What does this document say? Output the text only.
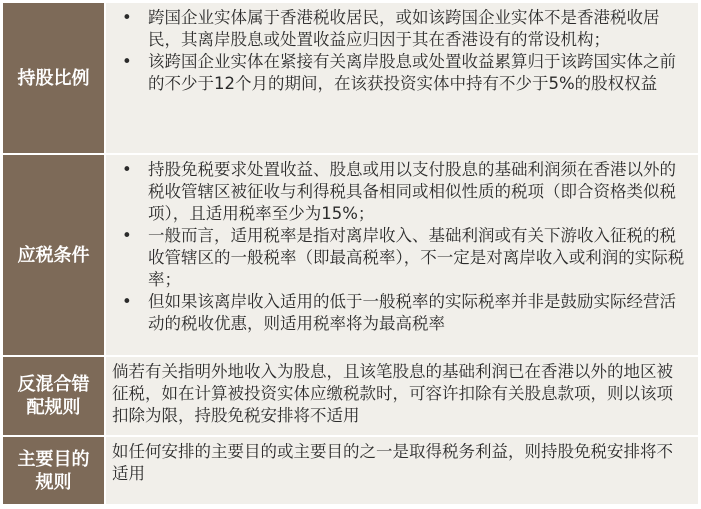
持股比例
• 跨国企业实体属于香港税收居民，或如该跨国企业实体不是香港税收居民，其离岸股息或处置收益应归因于其在香港设有的常设机构；
• 该跨国企业实体在紧接有关离岸股息或处置收益累算归于该跨国实体之前的不少于12个月的期间，在该获投资实体中持有不少于5%的股权权益
应税条件
• 持股免税要求处置收益、股息或用以支付股息的基础利润须在香港以外的税收管辖区被征收与利得税具备相同或相似性质的税项（即合资格类似税项），且适用税率至少为15%；
• 一般而言，适用税率是指对离岸收入、基础利润或有关下游收入征税的税收管辖区的一般税率（即最高税率），不一定是对离岸收入或利润的实际税率；
• 但如果该离岸收入适用的低于一般税率的实际税率并非是鼓励实际经营活动的税收优惠，则适用税率将为最高税率
反混合错
配规则
倘若有关指明外地收入为股息，且该笔股息的基础利润已在香港以外的地区被征税，如在计算被投资实体应缴税款时，可容许扣除有关股息款项，则以该项扣除为限，持股免税安排将不适用
主要目的
规则
如任何安排的主要目的或主要目的之一是取得税务利益，则持股免税安排将不适用
